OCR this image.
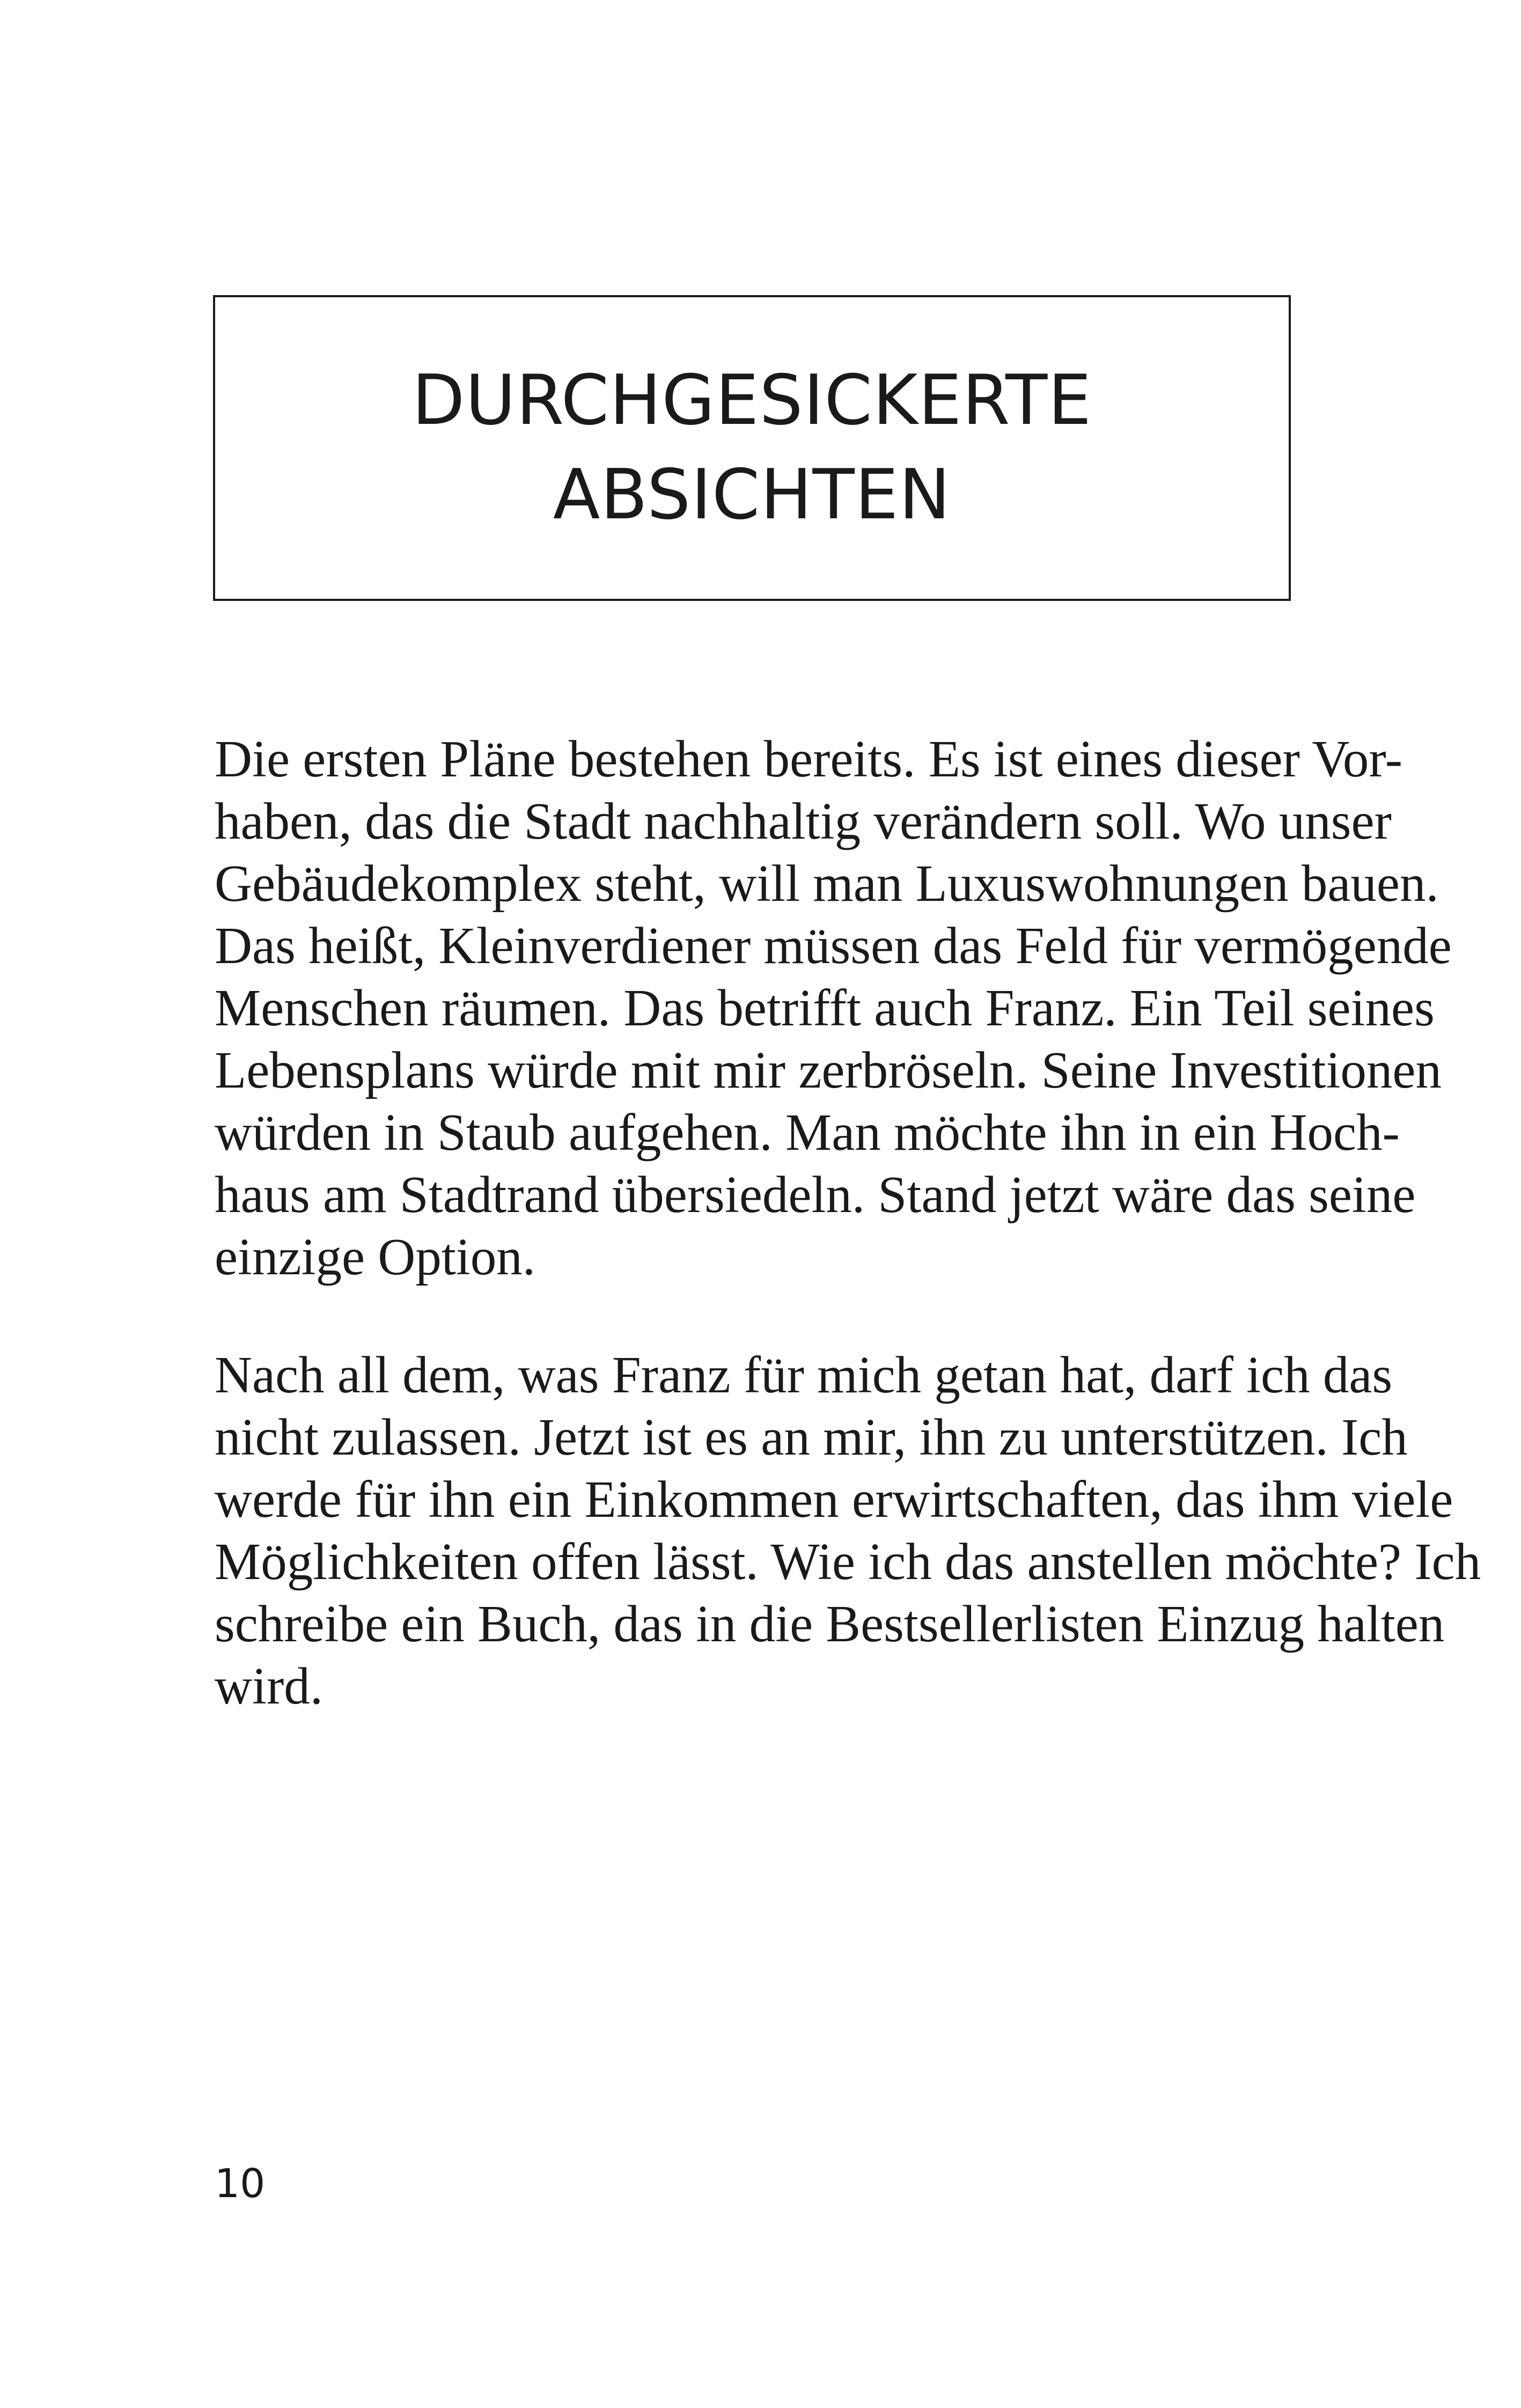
DURCHGESICKERTE
ABSICHTEN

Die ersten Pläne bestehen bereits. Es ist eines dieser Vor-
haben, das die Stadt nachhaltig verändern soll. Wo unser
Gebäudekomplex steht, will man Luxuswohnungen bauen.
Das heißt, Kleinverdiener müssen das Feld für vermögende
Menschen räumen. Das betrifft auch Franz. Ein Teil seines
Lebensplans würde mit mir zerbröseln. Seine Investitionen
würden in Staub aufgehen. Man möchte ihn in ein Hoch-
haus am Stadtrand übersiedeln. Stand jetzt wäre das seine
einzige Option.

Nach all dem, was Franz für mich getan hat, darf ich das
nicht zulassen. Jetzt ist es an mir, ihn zu unterstützen. Ich
werde für ihn ein Einkommen erwirtschaften, das ihm viele
Möglichkeiten offen lässt. Wie ich das anstellen möchte? Ich
schreibe ein Buch, das in die Bestsellerlisten Einzug halten
wird.

10
